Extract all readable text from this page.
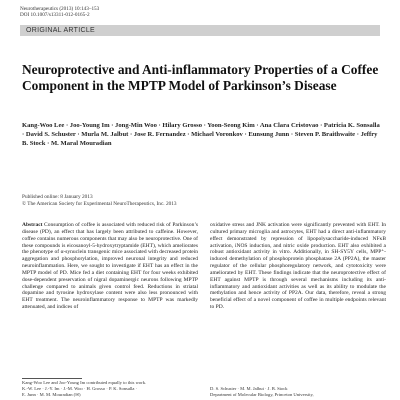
Neurotherapeutics (2013) 10:143–153
DOI 10.1007/s13311-012-0165-2
ORIGINAL ARTICLE
Neuroprotective and Anti-inflammatory Properties of a Coffee Component in the MPTP Model of Parkinson’s Disease
Kang-Woo Lee · Joo-Young Im · Jong-Min Woo · Hilary Grosso · Yoon-Seong Kim · Ana Clara Cristovao · Patricia K. Sonsalla · David S. Schuster · Murla M. Jalbut · Jose R. Fernandez · Michael Voronkov · Eunsung Junn · Steven P. Braithwaite · Jeffry B. Stock · M. Maral Mouradian
Published online: 8 January 2013
© The American Society for Experimental NeuroTherapeutics, Inc. 2013
Abstract Consumption of coffee is associated with reduced risk of Parkinson’s disease (PD), an effect that has largely been attributed to caffeine. However, coffee contains numerous components that may also be neuroprotective. One of these compounds is eicosanoyl-5-hydroxytryptamide (EHT), which ameliorates the phenotype of α-synuclein transgenic mice associated with decreased protein aggregation and phosphorylation, improved neuronal integrity and reduced neuroinflammation. Here, we sought to investigate if EHT has an effect in the MPTP model of PD. Mice fed a diet containing EHT for four weeks exhibited dose-dependent preservation of nigral dopaminergic neurons following MPTP challenge compared to animals given control feed. Reductions in striatal dopamine and tyrosine hydroxylase content were also less pronounced with EHT treatment. The neuroinflammatory response to MPTP was markedly attenuated, and indices of
oxidative stress and JNK activation were significantly prevented with EHT. In cultured primary microglia and astrocytes, EHT had a direct anti-inflammatory effect demonstrated by repression of lipopolysaccharide-induced NFκB activation, iNOS induction, and nitric oxide production. EHT also exhibited a robust antioxidant activity in vitro. Additionally, in SH-SY5Y cells, MPP⁺-induced demethylation of phosphoprotein phosphatase 2A (PP2A), the master regulator of the cellular phosphoregulatory network, and cytotoxicity were ameliorated by EHT. These findings indicate that the neuroprotective effect of EHT against MPTP is through several mechanisms including its anti-inflammatory and antioxidant activities as well as its ability to modulate the methylation and hence activity of PP2A. Our data, therefore, reveal a strong beneficial effect of a novel component of coffee in multiple endpoints relevant to PD.
Kang-Woo Lee and Joo-Young Im contributed equally to this work.
K.-W. Lee · J.-Y. Im · J.-M. Woo · H. Grosso · P. K. Sonsalla ·
E. Junn · M. M. Mouradian (✉)
D. S. Schuster · M. M. Jalbut · J. B. Stock
Department of Molecular Biology, Princeton University,
